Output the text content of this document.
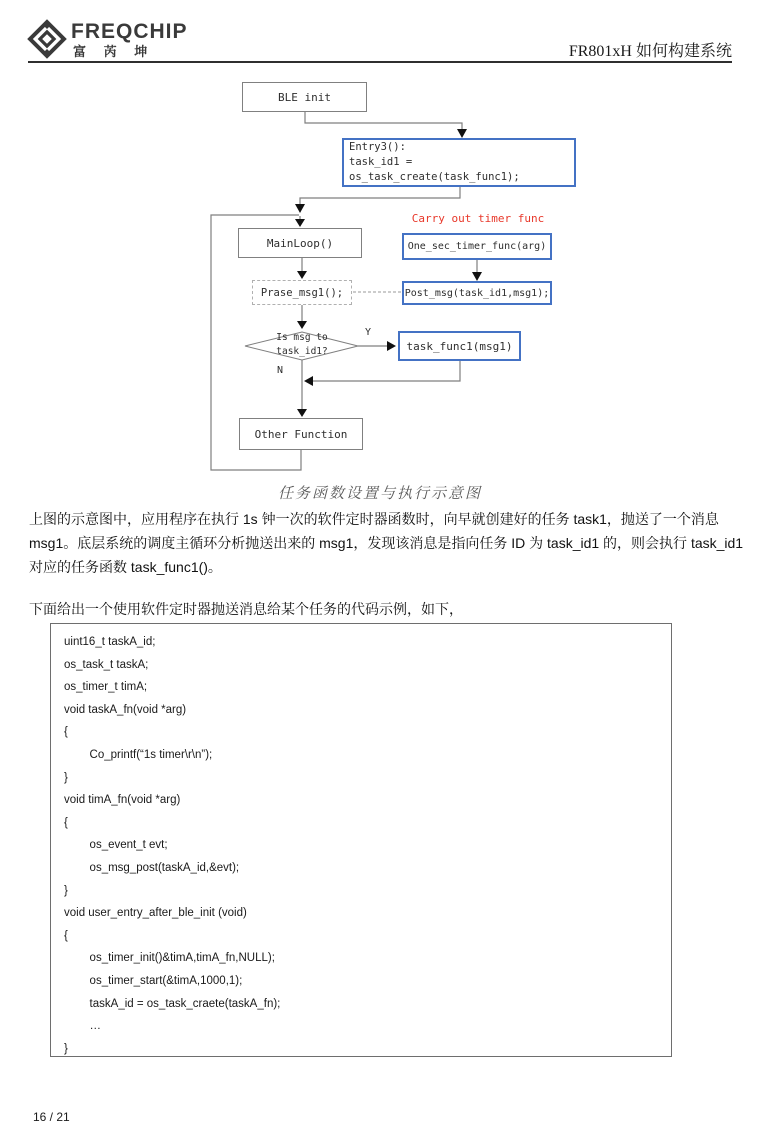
FREQCHIP
富 芮 坤	FR801xH 如何构建系统
BLE init
Entry3():
task_id1 = os_task_create(task_func1);
Carry out timer func
MainLoop()	One_sec_timer_func(arg)
Prase_msg1();	Post_msg(task_id1,msg1);
Is msg to
task_id1?
Y
N
task_func1(msg1)
Other Function
任务函数设置与执行示意图
上图的示意图中，应用程序在执行 1s 钟一次的软件定时器函数时，向早就创建好的任务 task1，抛送了一个消息
msg1。底层系统的调度主循环分析抛送出来的 msg1，发现该消息是指向任务 ID 为 task_id1 的，则会执行 task_id1
对应的任务函数 task_func1()。
下面给出一个使用软件定时器抛送消息给某个任务的代码示例，如下，
uint16_t taskA_id;
os_task_t taskA;
os_timer_t timA;
void taskA_fn(void *arg)
{
Co_printf(“1s timer\r\n”);
}
void timA_fn(void *arg)
{
os_event_t evt;
os_msg_post(taskA_id,&evt);
}
void user_entry_after_ble_init (void)
{
os_timer_init()&timA,timA_fn,NULL);
os_timer_start(&timA,1000,1);
taskA_id = os_task_craete(taskA_fn);
…
}
16 / 21
